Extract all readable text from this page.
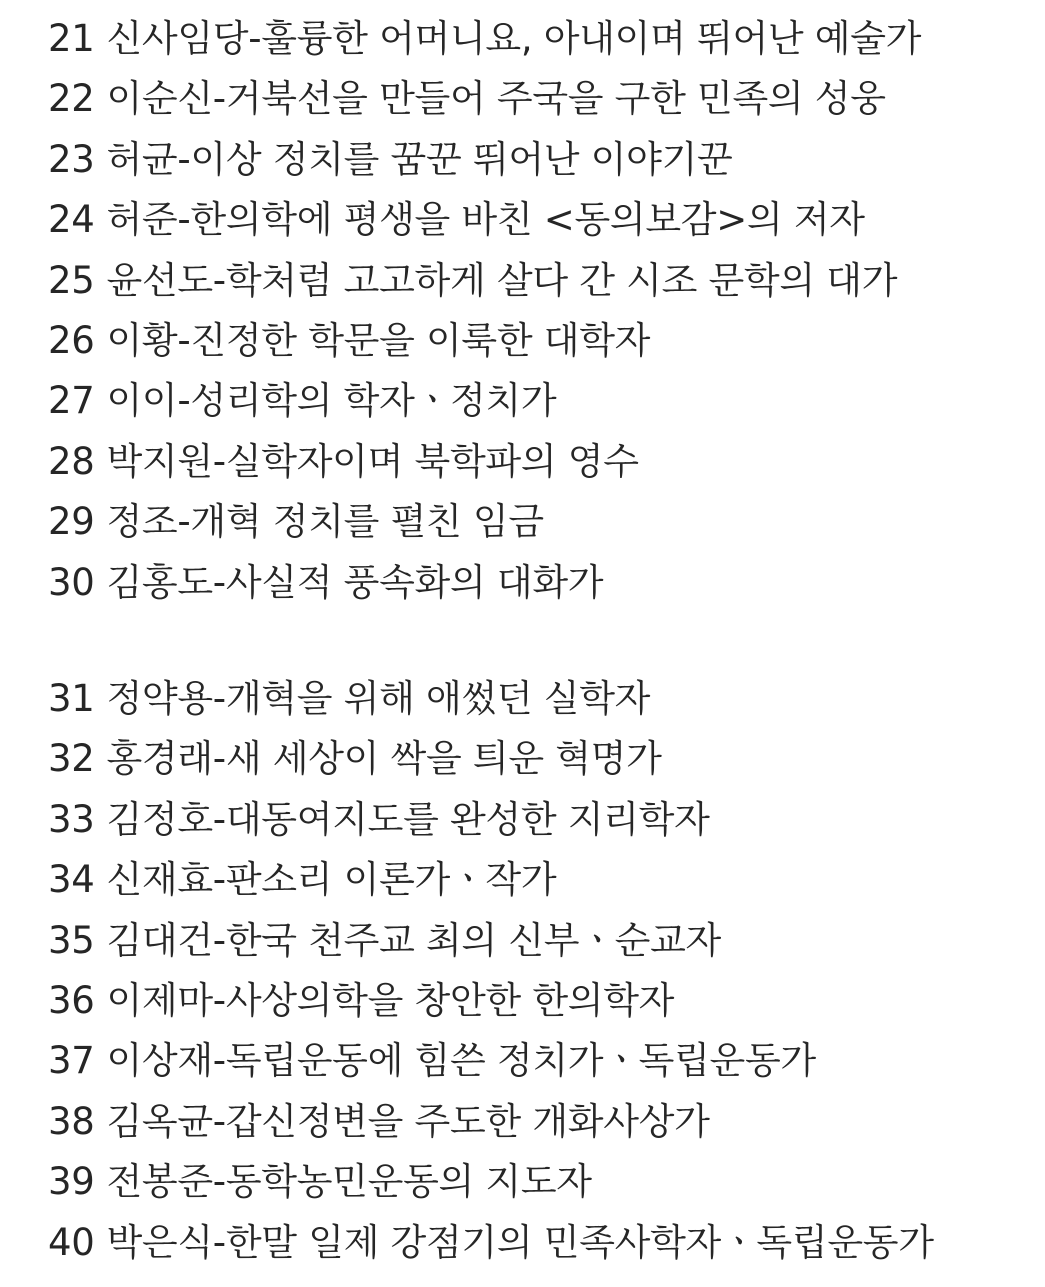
21 신사임당-훌륭한 어머니요, 아내이며 뛰어난 예술가
22 이순신-거북선을 만들어 주국을 구한 민족의 성웅
23 허균-이상 정치를 꿈꾼 뛰어난 이야기꾼
24 허준-한의학에 평생을 바친 <동의보감>의 저자
25 윤선도-학처럼 고고하게 살다 간 시조 문학의 대가
26 이황-진정한 학문을 이룩한 대학자
27 이이-성리학의 학자ㆍ정치가
28 박지원-실학자이며 북학파의 영수
29 정조-개혁 정치를 펼친 임금
30 김홍도-사실적 풍속화의 대화가
31 정약용-개혁을 위해 애썼던 실학자
32 홍경래-새 세상이 싹을 틔운 혁명가
33 김정호-대동여지도를 완성한 지리학자
34 신재효-판소리 이론가ㆍ작가
35 김대건-한국 천주교 최의 신부ㆍ순교자
36 이제마-사상의학을 창안한 한의학자
37 이상재-독립운동에 힘쓴 정치가ㆍ독립운동가
38 김옥균-갑신정변을 주도한 개화사상가
39 전봉준-동학농민운동의 지도자
40 박은식-한말 일제 강점기의 민족사학자ㆍ독립운동가
